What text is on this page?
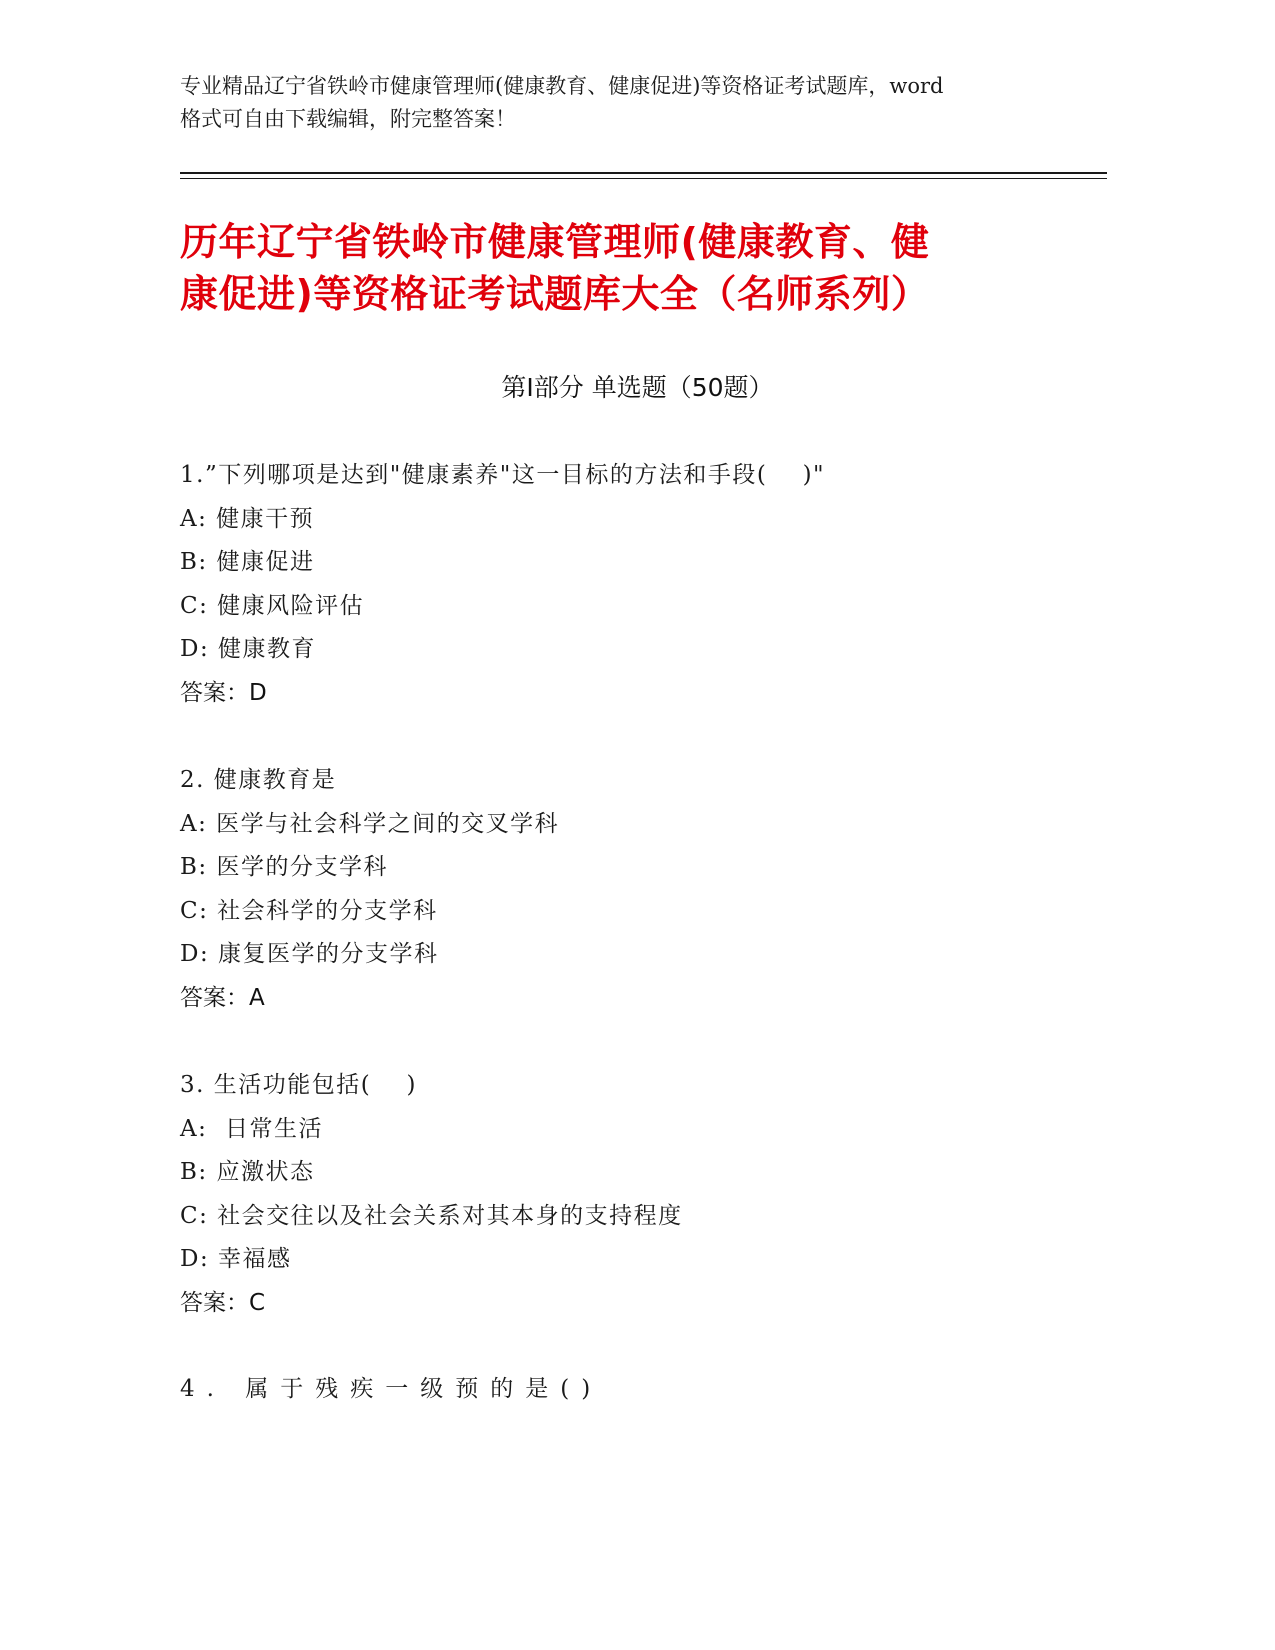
专业精品辽宁省铁岭市健康管理师(健康教育、健康促进)等资格证考试题库，word
格式可自由下载编辑，附完整答案！
历年辽宁省铁岭市健康管理师(健康教育、健
康促进)等资格证考试题库大全（名师系列）
第Ⅰ部分 单选题（50题）
1.”下列哪项是达到"健康素养"这一目标的方法和手段(    )"
A: 健康干预
B: 健康促进
C: 健康风险评估
D: 健康教育
答案：D
2. 健康教育是
A: 医学与社会科学之间的交叉学科
B: 医学的分支学科
C: 社会科学的分支学科
D: 康复医学的分支学科
答案：A
3. 生活功能包括(    )
A:  日常生活
B: 应激状态
C: 社会交往以及社会关系对其本身的支持程度
D: 幸福感
答案：C
4. 属于残疾一级预的是()
